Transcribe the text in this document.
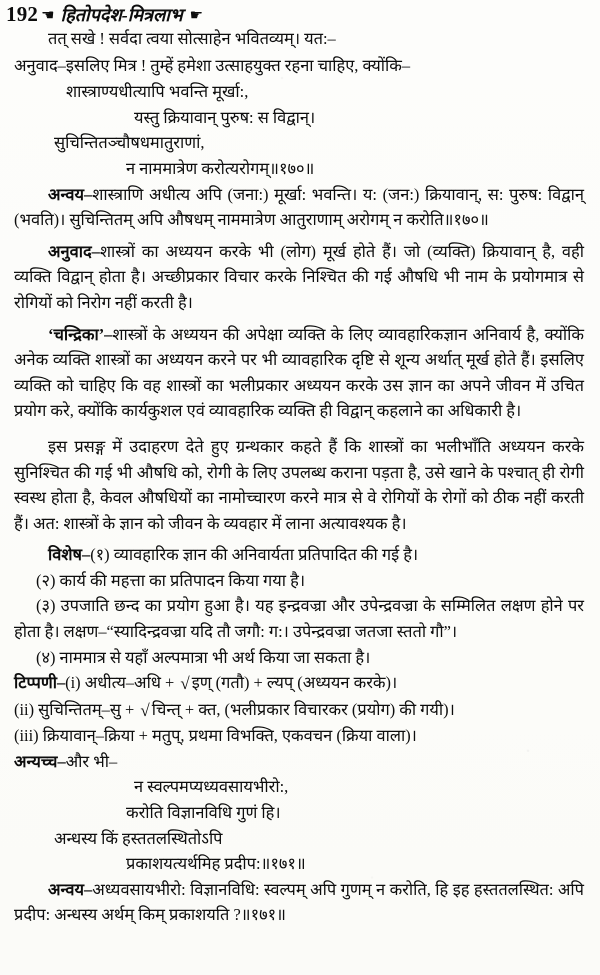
192 ☛ हितोपदेश-मित्रलाभ ☛

तत् सखे ! सर्वदा त्वया सोत्साहेन भवितव्यम्। यत:–

अनुवाद–इसलिए मित्र ! तुम्हें हमेशा उत्साहयुक्त रहना चाहिए, क्योंकि–

शास्त्राण्यधीत्यापि भवन्ति मूर्खा:,

यस्तु क्रियावान् पुरुष: स विद्वान्।

सुचिन्तितञ्चौषधमातुराणां,

न नाममात्रेण करोत्यरोगम्॥१७०॥

अन्वय–शास्त्राणि अधीत्य अपि (जना:) मूर्खा: भवन्ति। य: (जन:) क्रियावान्, स: पुरुष: विद्वान् (भवति)। सुचिन्तितम् अपि औषधम् नाममात्रेण आतुराणाम् अरोगम् न करोति॥१७०॥

अनुवाद–शास्त्रों का अध्ययन करके भी (लोग) मूर्ख होते हैं। जो (व्यक्ति) क्रियावान् है, वही व्यक्ति विद्वान् होता है। अच्छीप्रकार विचार करके निश्चित की गई औषधि भी नाम के प्रयोगमात्र से रोगियों को निरोग नहीं करती है।

‘चन्द्रिका’–शास्त्रों के अध्ययन की अपेक्षा व्यक्ति के लिए व्यावहारिकज्ञान अनिवार्य है, क्योंकि अनेक व्यक्ति शास्त्रों का अध्ययन करने पर भी व्यावहारिक दृष्टि से शून्य अर्थात् मूर्ख होते हैं। इसलिए व्यक्ति को चाहिए कि वह शास्त्रों का भलीप्रकार अध्ययन करके उस ज्ञान का अपने जीवन में उचित प्रयोग करे, क्योंकि कार्यकुशल एवं व्यावहारिक व्यक्ति ही विद्वान् कहलाने का अधिकारी है।

इस प्रसङ्ग में उदाहरण देते हुए ग्रन्थकार कहते हैं कि शास्त्रों का भलीभाँति अध्ययन करके सुनिश्चित की गई भी औषधि को, रोगी के लिए उपलब्ध कराना पड़ता है, उसे खाने के पश्चात् ही रोगी स्वस्थ होता है, केवल औषधियों का नामोच्चारण करने मात्र से वे रोगियों के रोगों को ठीक नहीं करती हैं। अत: शास्त्रों के ज्ञान को जीवन के व्यवहार में लाना अत्यावश्यक है।

विशेष–(१) व्यावहारिक ज्ञान की अनिवार्यता प्रतिपादित की गई है।

(२) कार्य की महत्ता का प्रतिपादन किया गया है।

(३) उपजाति छन्द का प्रयोग हुआ है। यह इन्द्रवज्रा और उपेन्द्रवज्रा के सम्मिलित लक्षण होने पर होता है। लक्षण–“स्यादिन्द्रवज्रा यदि तौ जगौ: ग:। उपेन्द्रवज्रा जतजा स्ततो गौ”।

(४) नाममात्र से यहाँ अल्पमात्रा भी अर्थ किया जा सकता है।

टिप्पणी–(i) अधीत्य–अधि + √ इण् (गतौ) + ल्यप् (अध्ययन करके)।

(ii) सुचिन्तितम्–सु + √ चिन्त् + क्त, (भलीप्रकार विचारकर (प्रयोग) की गयी)।

(iii) क्रियावान्–क्रिया + मतुप्, प्रथमा विभक्ति, एकवचन (क्रिया वाला)।

अन्यच्च–और भी–

न स्वल्पमप्यध्यवसायभीरो:,

करोति विज्ञानविधि गुणं हि।

अन्धस्य किं हस्ततलस्थितोऽपि

प्रकाशयत्यर्थमिह प्रदीप:॥१७१॥

अन्वय–अध्यवसायभीरो: विज्ञानविधि: स्वल्पम् अपि गुणम् न करोति, हि इह हस्ततलस्थित: अपि प्रदीप: अन्धस्य अर्थम् किम् प्रकाशयति ?॥१७१॥
